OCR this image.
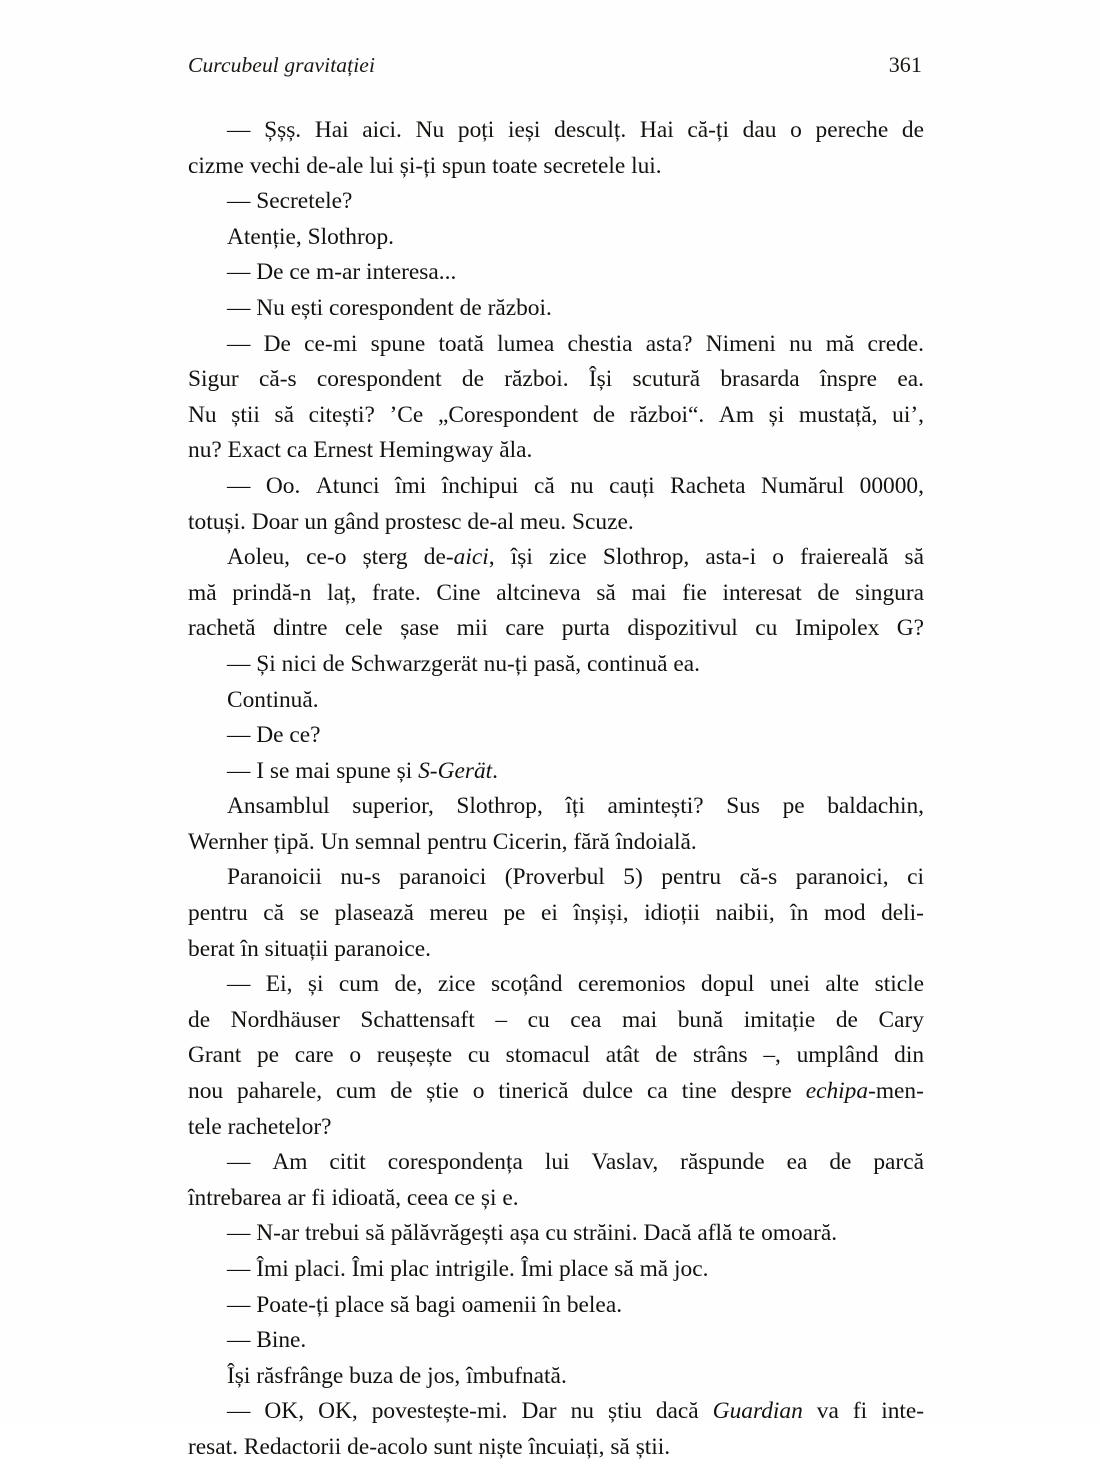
Curcubeul gravitației	361
—
Șșș.
Hai
aici.
Nu
poți
ieși
desculț.
Hai
că-ți
dau
o
pereche
de
cizme vechi de-ale lui și-ți spun toate secretele lui.
— Secretele?
Atenție, Slothrop.
— De ce m-ar interesa...
— Nu ești corespondent de război.
—
De
ce-mi
spune
toată
lumea
chestia
asta?
Nimeni
nu
mă
crede.
Sigur
că-s
corespondent
de
război.
Își
scutură
brasarda
înspre
ea.
Nu
știi
să
citești?
’Ce
„Corespondent
de
război“.
Am
și
mustață,
ui’,
nu? Exact ca Ernest Hemingway ăla.
—
Oo.
Atunci
îmi
închipui
că
nu
cauți
Racheta
Numărul
00000,
totuși. Doar un gând prostesc de-al meu. Scuze.
Aoleu,
ce-o
șterg
de-aici,
își
zice
Slothrop,
asta-i
o
fraiereală
să
mă
prindă-n
laț,
frate.
Cine
altcineva
să
mai
fie
interesat
de
singura
rachetă
dintre
cele
șase
mii
care
purta
dispozitivul
cu
Imipolex
G?
— Și nici de Schwarzgerät nu-ți pasă, continuă ea.
Continuă.
— De ce?
— I se mai spune și S-Gerät.
Ansamblul
superior,
Slothrop,
îți
amintești?
Sus
pe
baldachin,
Wernher țipă. Un semnal pentru Cicerin, fără îndoială.
Paranoicii
nu-s
paranoici
(Proverbul
5)
pentru
că-s
paranoici,
ci
pentru
că
se
plasează
mereu
pe
ei
înșiși,
idioții
naibii,
în
mod
deli-
berat în situații paranoice.
—
Ei,
și
cum
de,
zice
scoțând
ceremonios
dopul
unei
alte
sticle
de
Nordhäuser
Schattensaft
–
cu
cea
mai
bună
imitație
de
Cary
Grant
pe
care
o
reușește
cu
stomacul
atât
de
strâns
–,
umplând
din
nou
paharele,
cum
de
știe
o
tinerică
dulce
ca
tine
despre
echipa-men-
tele rachetelor?
—
Am
citit
corespondența
lui
Vaslav,
răspunde
ea
de
parcă
întrebarea ar fi idioată, ceea ce și e.
— N-ar trebui să pălăvrăgești așa cu străini. Dacă află te omoară.
— Îmi placi. Îmi plac intrigile. Îmi place să mă joc.
— Poate-ți place să bagi oamenii în belea.
— Bine.
Își răsfrânge buza de jos, îmbufnată.
—
OK,
OK,
povestește-mi.
Dar
nu
știu
dacă
Guardian
va
fi
inte-
resat. Redactorii de-acolo sunt niște încuiați, să știi.
